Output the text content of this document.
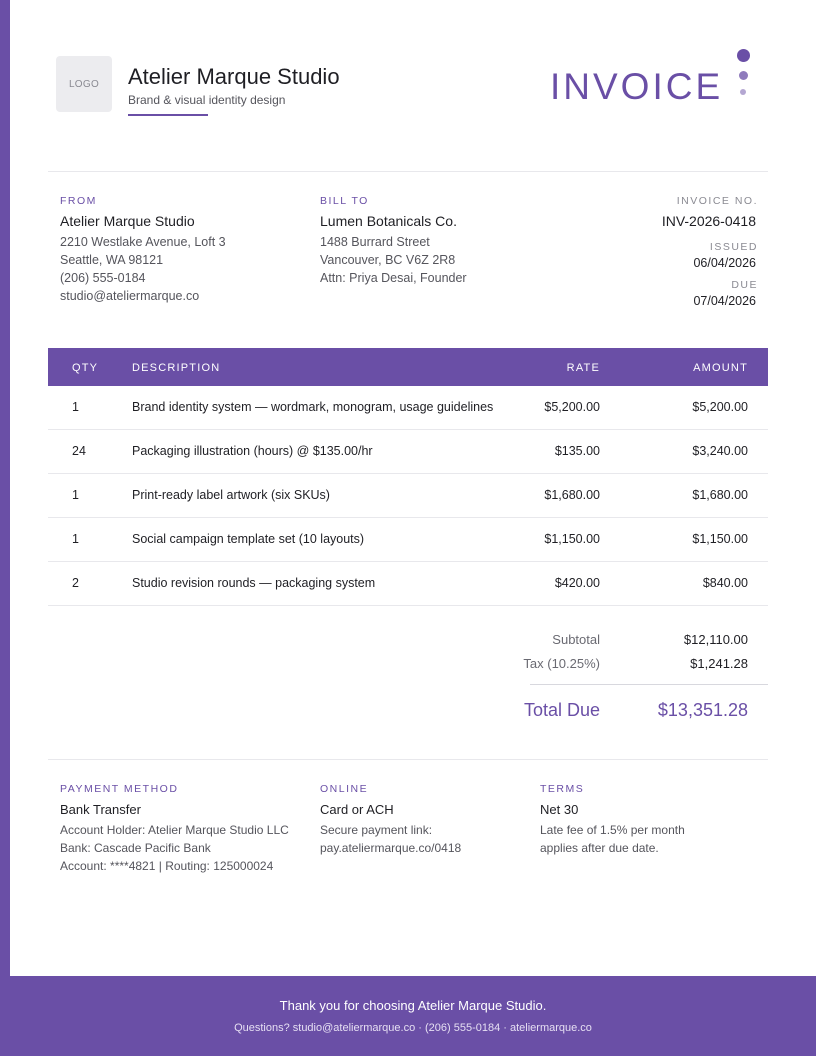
LOGO	Atelier Marque Studio
Brand & visual identity design	INVOICE
FROM
Atelier Marque Studio
2210 Westlake Avenue, Loft 3
Seattle, WA 98121
(206) 555-0184
studio@ateliermarque.co
BILL TO
Lumen Botanicals Co.
1488 Burrard Street
Vancouver, BC V6Z 2R8
Attn: Priya Desai, Founder
INVOICE NO.
INV-2026-0418
ISSUED
06/04/2026
DUE
07/04/2026
QTY	DESCRIPTION	RATE	AMOUNT
1	Brand identity system — wordmark, monogram, usage guidelines	$5,200.00	$5,200.00
24	Packaging illustration (hours) @ $135.00/hr	$135.00	$3,240.00
1	Print-ready label artwork (six SKUs)	$1,680.00	$1,680.00
1	Social campaign template set (10 layouts)	$1,150.00	$1,150.00
2	Studio revision rounds — packaging system	$420.00	$840.00
Subtotal	$12,110.00
Tax (10.25%)	$1,241.28
Total Due	$13,351.28
PAYMENT METHOD
Bank Transfer
Account Holder: Atelier Marque Studio LLC
Bank: Cascade Pacific Bank
Account: ****4821 | Routing: 125000024
ONLINE
Card or ACH
Secure payment link:
pay.ateliermarque.co/0418
TERMS
Net 30
Late fee of 1.5% per month
applies after due date.
Thank you for choosing Atelier Marque Studio.
Questions? studio@ateliermarque.co · (206) 555-0184 · ateliermarque.co
